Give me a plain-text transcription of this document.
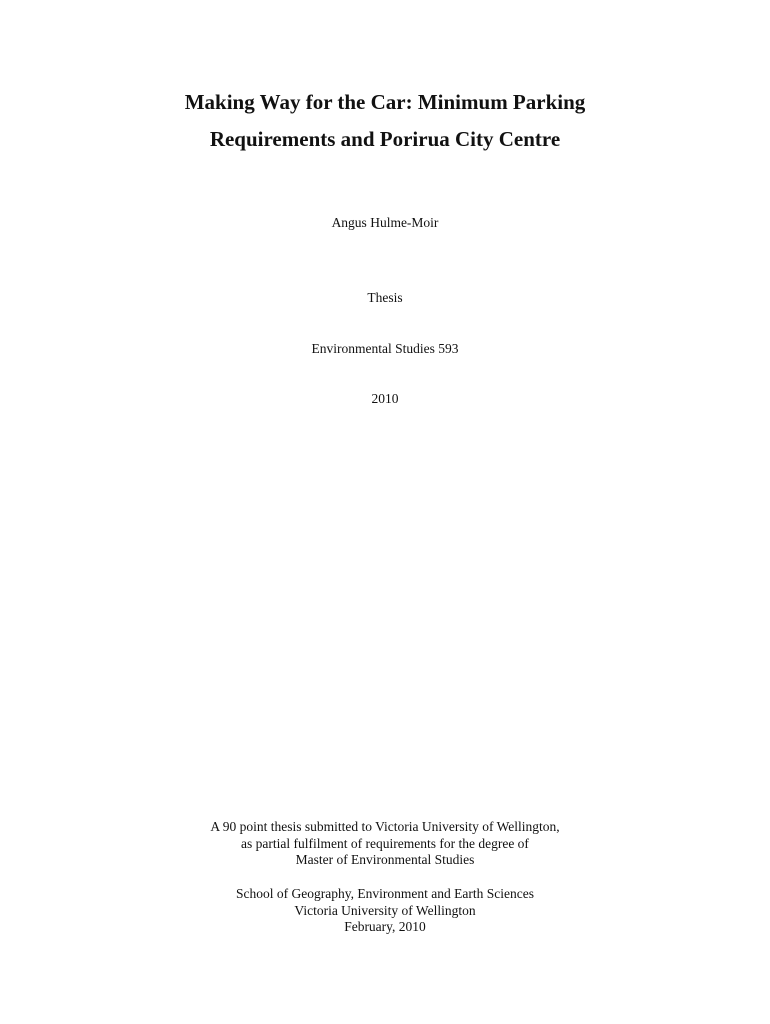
Making Way for the Car: Minimum Parking
Requirements and Porirua City Centre
Angus Hulme-Moir
Thesis
Environmental Studies 593
2010
A 90 point thesis submitted to Victoria University of Wellington,
as partial fulfilment of requirements for the degree of
Master of Environmental Studies
School of Geography, Environment and Earth Sciences
Victoria University of Wellington
February, 2010
